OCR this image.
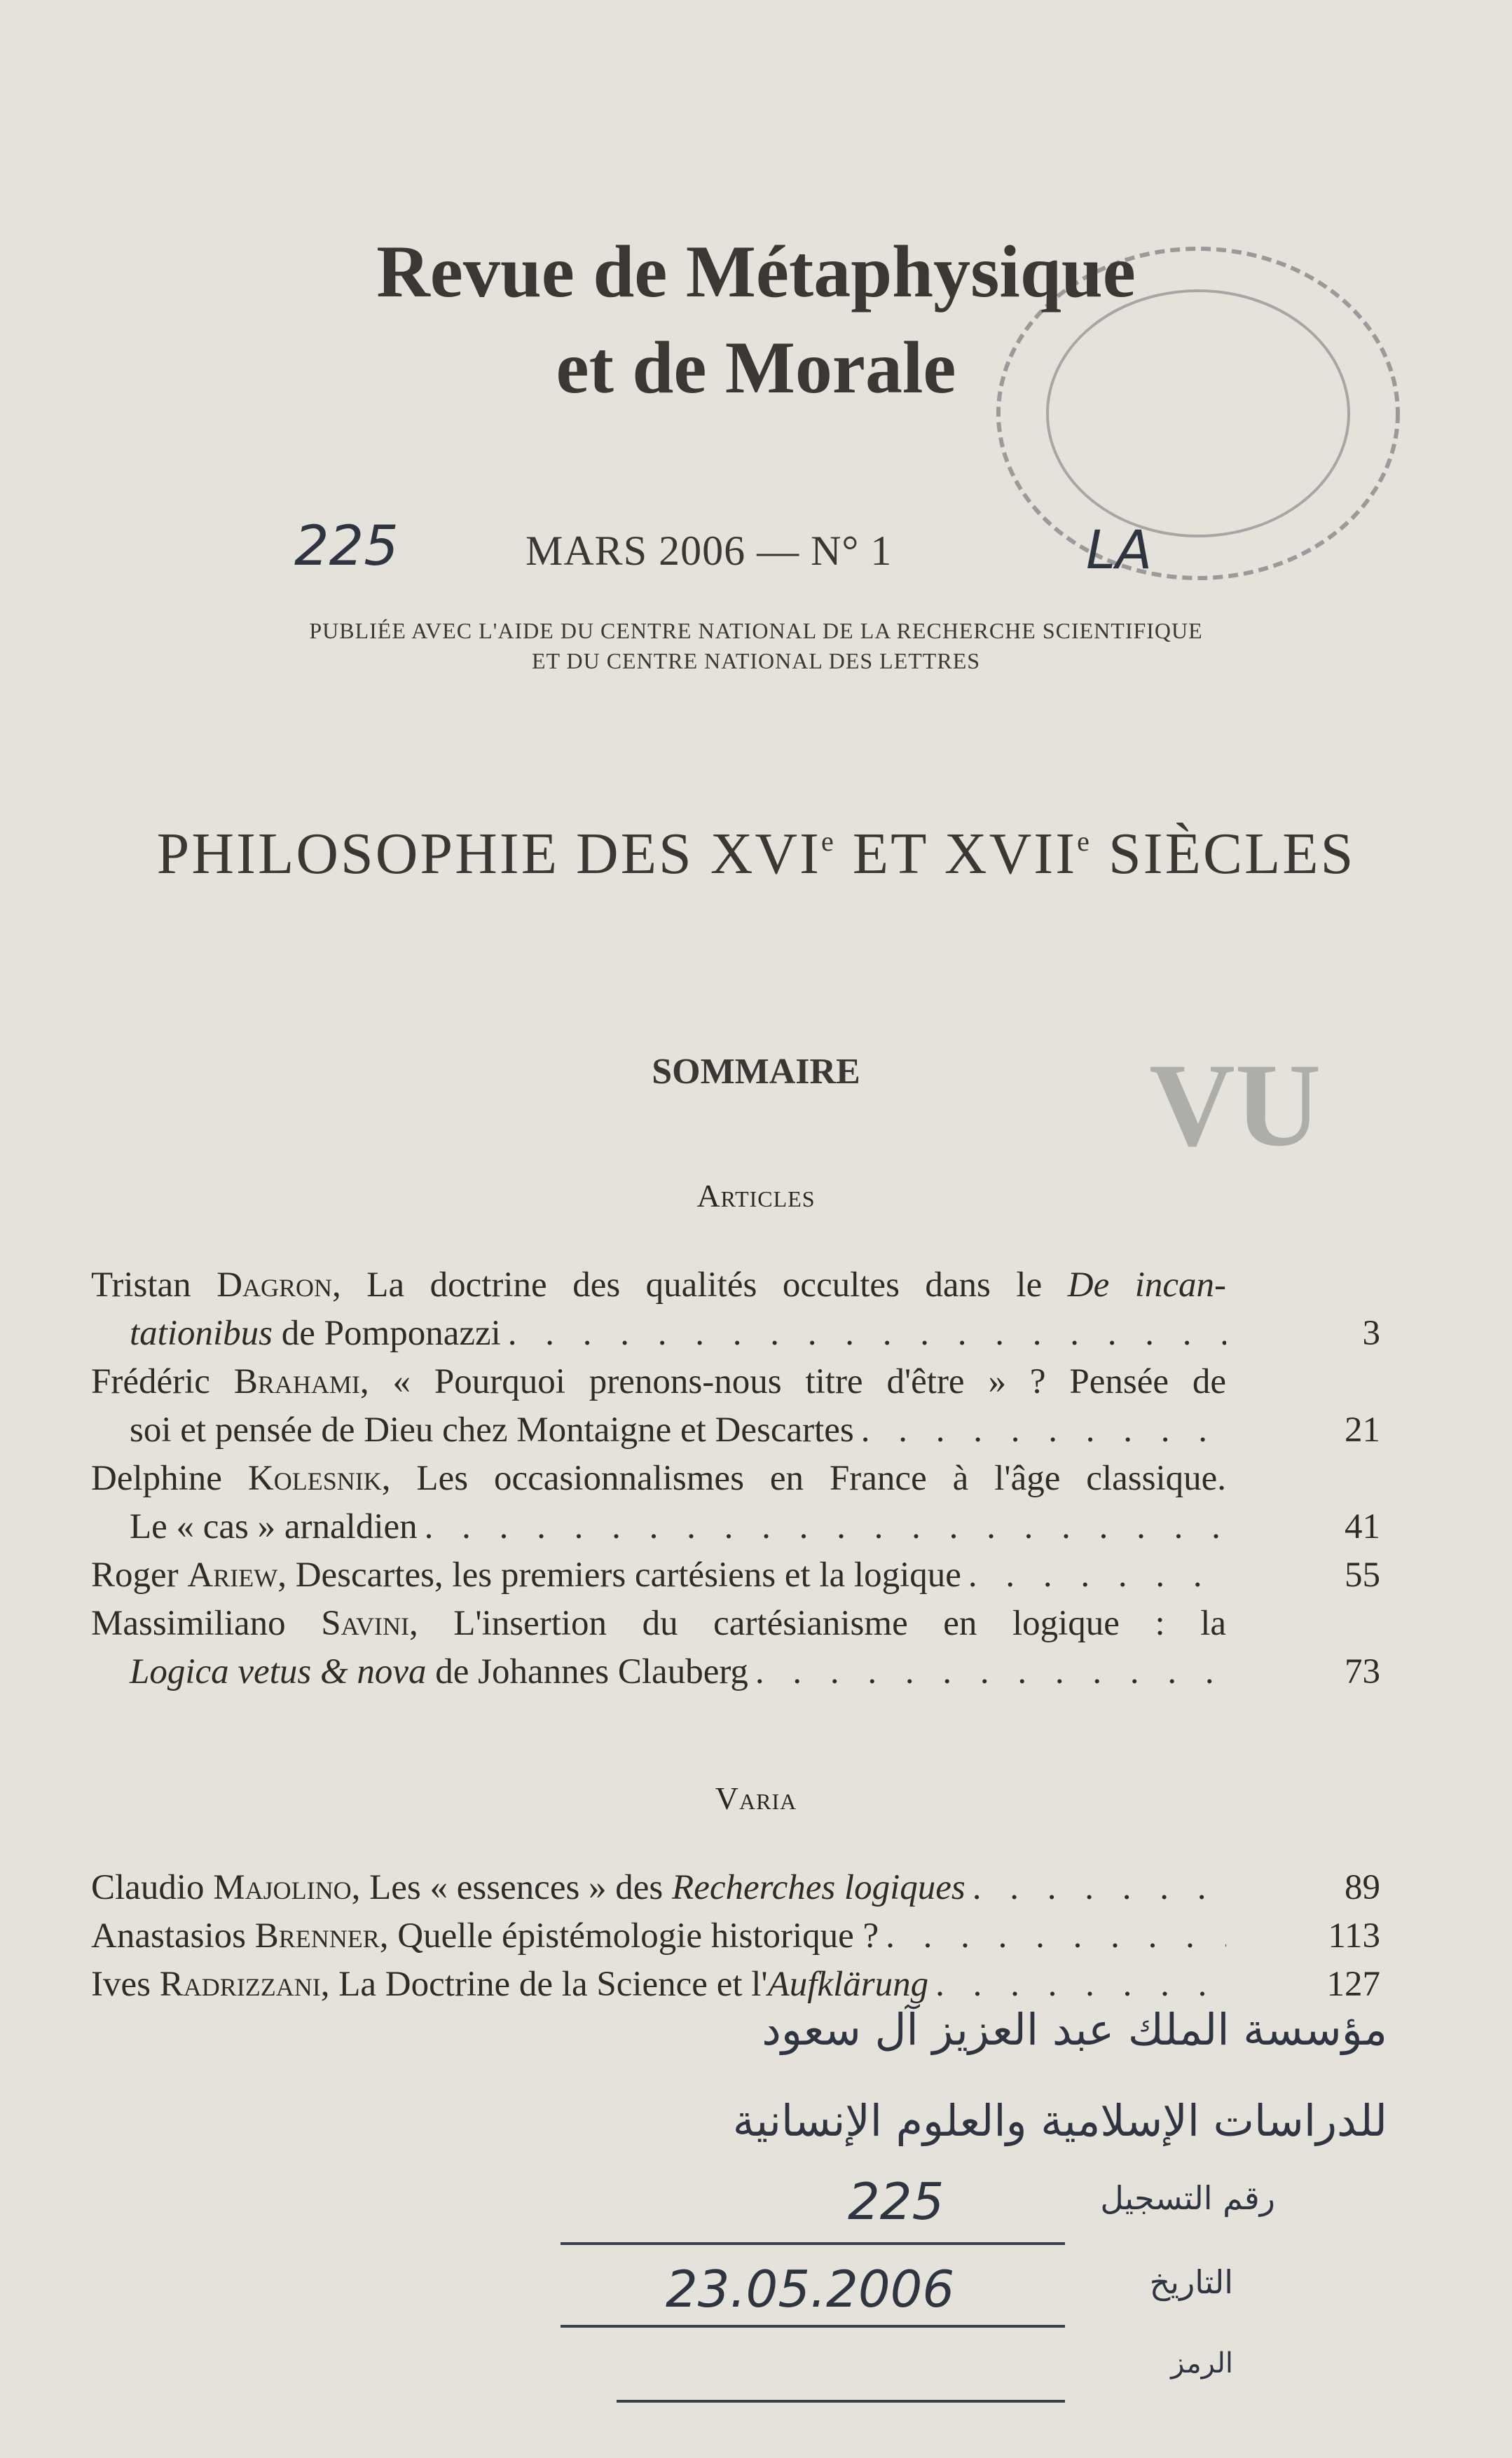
Revue de Métaphysique
et de Morale
225	MARS 2006 — N° 1	LA
PUBLIÉE AVEC L'AIDE DU CENTRE NATIONAL DE LA RECHERCHE SCIENTIFIQUE
ET DU CENTRE NATIONAL DES LETTRES
PHILOSOPHIE DES XVIe ET XVIIe SIÈCLES
SOMMAIRE	VU
Articles
Tristan Dagron, La doctrine des qualités occultes dans le De incan-
tationibus de Pomponazzi . . .	3
Frédéric Brahami, « Pourquoi prenons-nous titre d'être » ? Pensée de
soi et pensée de Dieu chez Montaigne et Descartes . . .	21
Delphine Kolesnik, Les occasionnalismes en France à l'âge classique.
Le « cas » arnaldien . . .	41
Roger Ariew, Descartes, les premiers cartésiens et la logique . . .	55
Massimiliano Savini, L'insertion du cartésianisme en logique : la
Logica vetus & nova de Johannes Clauberg . . .	73
Varia
Claudio Majolino, Les « essences » des Recherches logiques . . .	89
Anastasios Brenner, Quelle épistémologie historique ? . . .	113
Ives Radrizzani, La Doctrine de la Science et l'Aufklärung . . .	127
مؤسسة الملك عبد العزيز آل سعود
للدراسات الإسلامية والعلوم الإنسانية
رقم التسجيل
225
التاريخ
23.05.2006
الرمز
